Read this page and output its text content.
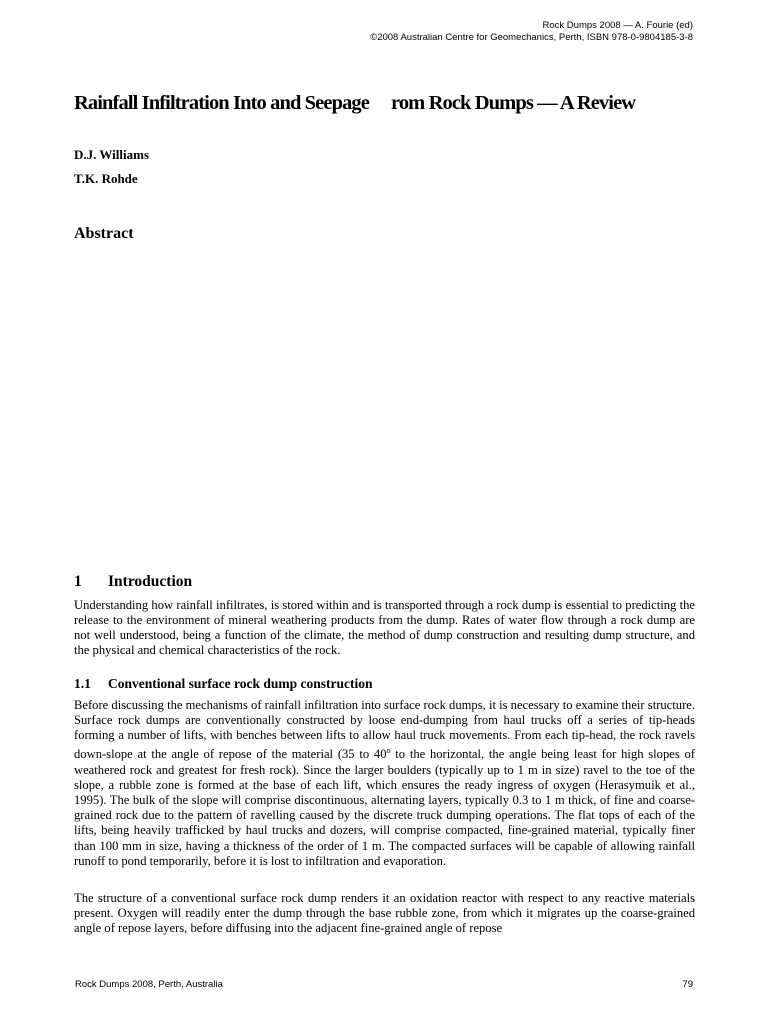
Rock Dumps 2008 — A. Fourie (ed)
©2008 Australian Centre for Geomechanics, Perth, ISBN 978-0-9804185-3-8
Rainfall Infiltration Into and Seepage rom Rock Dumps — A Review
D.J. Williams
T.K. Rohde
Abstract
1 Introduction
Understanding how rainfall infiltrates, is stored within and is transported through a rock dump is essential to predicting the release to the environment of mineral weathering products from the dump. Rates of water flow through a rock dump are not well understood, being a function of the climate, the method of dump construction and resulting dump structure, and the physical and chemical characteristics of the rock.
1.1 Conventional surface rock dump construction
Before discussing the mechanisms of rainfall infiltration into surface rock dumps, it is necessary to examine their structure. Surface rock dumps are conventionally constructed by loose end-dumping from haul trucks off a series of tip-heads forming a number of lifts, with benches between lifts to allow haul truck movements. From each tip-head, the rock ravels down-slope at the angle of repose of the material (35 to 40$^o$ to the horizontal, the angle being least for high slopes of weathered rock and greatest for fresh rock). Since the larger boulders (typically up to 1 m in size) ravel to the toe of the slope, a rubble zone is formed at the base of each lift, which ensures the ready ingress of oxygen (Herasymuik et al., 1995). The bulk of the slope will comprise discontinuous, alternating layers, typically 0.3 to 1 m thick, of fine and coarse-grained rock due to the pattern of ravelling caused by the discrete truck dumping operations. The flat tops of each of the lifts, being heavily trafficked by haul trucks and dozers, will comprise compacted, fine-grained material, typically finer than 100 mm in size, having a thickness of the order of 1 m. The compacted surfaces will be capable of allowing rainfall runoff to pond temporarily, before it is lost to infiltration and evaporation.
The structure of a conventional surface rock dump renders it an oxidation reactor with respect to any reactive materials present. Oxygen will readily enter the dump through the base rubble zone, from which it migrates up the coarse-grained angle of repose layers, before diffusing into the adjacent fine-grained angle of repose
Rock Dumps 2008, Perth, Australia	79
